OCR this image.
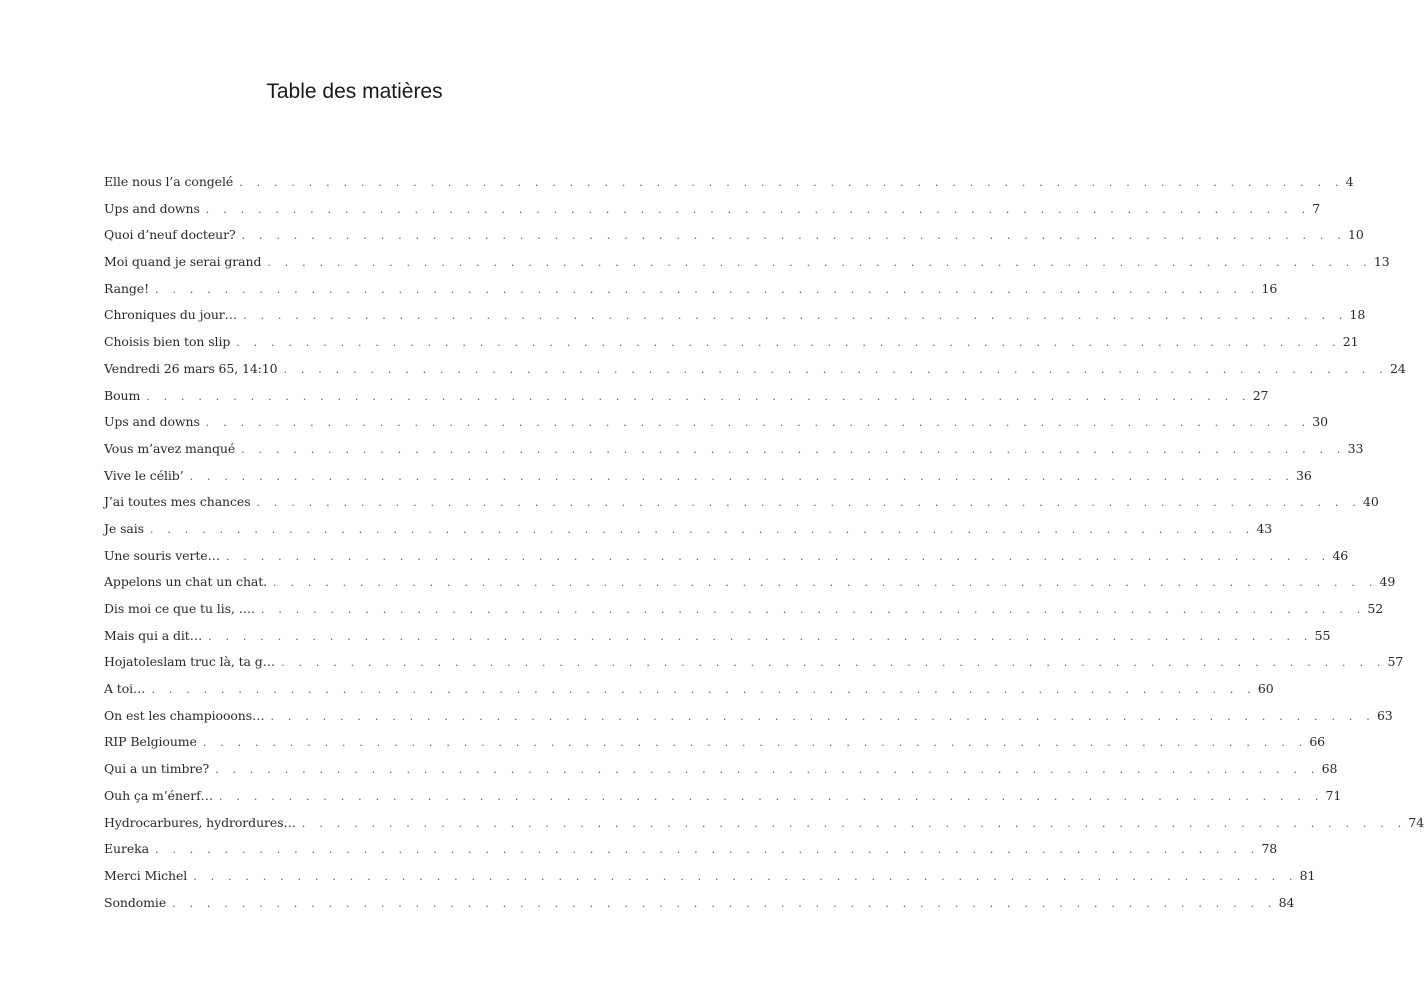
Table des matières
Elle nous l’a congelé . . . . . . . . . . . . . . . . . . . . . . . . . . . . . . . . . . . . . . . . . . . . . . . . . . . . . . . . . . . . . . . . 4
Ups and downs . . . . . . . . . . . . . . . . . . . . . . . . . . . . . . . . . . . . . . . . . . . . . . . . . . . . . . . . . . . . . . . . 7
Quoi d’neuf docteur? . . . . . . . . . . . . . . . . . . . . . . . . . . . . . . . . . . . . . . . . . . . . . . . . . . . . . . . . . . . . . . . . 10
Moi quand je serai grand . . . . . . . . . . . . . . . . . . . . . . . . . . . . . . . . . . . . . . . . . . . . . . . . . . . . . . . . . . . . . . . . 13
Range! . . . . . . . . . . . . . . . . . . . . . . . . . . . . . . . . . . . . . . . . . . . . . . . . . . . . . . . . . . . . . . . . 16
Chroniques du jour… . . . . . . . . . . . . . . . . . . . . . . . . . . . . . . . . . . . . . . . . . . . . . . . . . . . . . . . . . . . . . . . . 18
Choisis bien ton slip . . . . . . . . . . . . . . . . . . . . . . . . . . . . . . . . . . . . . . . . . . . . . . . . . . . . . . . . . . . . . . . . 21
Vendredi 26 mars 65, 14:10 . . . . . . . . . . . . . . . . . . . . . . . . . . . . . . . . . . . . . . . . . . . . . . . . . . . . . . . . . . . . . . . . 24
Boum . . . . . . . . . . . . . . . . . . . . . . . . . . . . . . . . . . . . . . . . . . . . . . . . . . . . . . . . . . . . . . . . 27
Ups and downs . . . . . . . . . . . . . . . . . . . . . . . . . . . . . . . . . . . . . . . . . . . . . . . . . . . . . . . . . . . . . . . . 30
Vous m’avez manqué . . . . . . . . . . . . . . . . . . . . . . . . . . . . . . . . . . . . . . . . . . . . . . . . . . . . . . . . . . . . . . . . 33
Vive le célib’ . . . . . . . . . . . . . . . . . . . . . . . . . . . . . . . . . . . . . . . . . . . . . . . . . . . . . . . . . . . . . . . . 36
J’ai toutes mes chances . . . . . . . . . . . . . . . . . . . . . . . . . . . . . . . . . . . . . . . . . . . . . . . . . . . . . . . . . . . . . . . . 40
Je sais . . . . . . . . . . . . . . . . . . . . . . . . . . . . . . . . . . . . . . . . . . . . . . . . . . . . . . . . . . . . . . . . 43
Une souris verte… . . . . . . . . . . . . . . . . . . . . . . . . . . . . . . . . . . . . . . . . . . . . . . . . . . . . . . . . . . . . . . . . 46
Appelons un chat un chat. . . . . . . . . . . . . . . . . . . . . . . . . . . . . . . . . . . . . . . . . . . . . . . . . . . . . . . . . . . . . . . . . 49
Dis moi ce que tu lis, …. . . . . . . . . . . . . . . . . . . . . . . . . . . . . . . . . . . . . . . . . . . . . . . . . . . . . . . . . . . . . . . . . 52
Mais qui a dit… . . . . . . . . . . . . . . . . . . . . . . . . . . . . . . . . . . . . . . . . . . . . . . . . . . . . . . . . . . . . . . . . 55
Hojatoleslam truc là, ta g… . . . . . . . . . . . . . . . . . . . . . . . . . . . . . . . . . . . . . . . . . . . . . . . . . . . . . . . . . . . . . . . . 57
A toi… . . . . . . . . . . . . . . . . . . . . . . . . . . . . . . . . . . . . . . . . . . . . . . . . . . . . . . . . . . . . . . . . 60
On est les champiooons… . . . . . . . . . . . . . . . . . . . . . . . . . . . . . . . . . . . . . . . . . . . . . . . . . . . . . . . . . . . . . . . . 63
RIP Belgioume . . . . . . . . . . . . . . . . . . . . . . . . . . . . . . . . . . . . . . . . . . . . . . . . . . . . . . . . . . . . . . . . 66
Qui a un timbre? . . . . . . . . . . . . . . . . . . . . . . . . . . . . . . . . . . . . . . . . . . . . . . . . . . . . . . . . . . . . . . . . 68
Ouh ça m’énerf… . . . . . . . . . . . . . . . . . . . . . . . . . . . . . . . . . . . . . . . . . . . . . . . . . . . . . . . . . . . . . . . . 71
Hydrocarbures, hydrordures… . . . . . . . . . . . . . . . . . . . . . . . . . . . . . . . . . . . . . . . . . . . . . . . . . . . . . . . . . . . . . . . . 74
Eureka . . . . . . . . . . . . . . . . . . . . . . . . . . . . . . . . . . . . . . . . . . . . . . . . . . . . . . . . . . . . . . . . 78
Merci Michel . . . . . . . . . . . . . . . . . . . . . . . . . . . . . . . . . . . . . . . . . . . . . . . . . . . . . . . . . . . . . . . . 81
Sondomie . . . . . . . . . . . . . . . . . . . . . . . . . . . . . . . . . . . . . . . . . . . . . . . . . . . . . . . . . . . . . . . . 84
